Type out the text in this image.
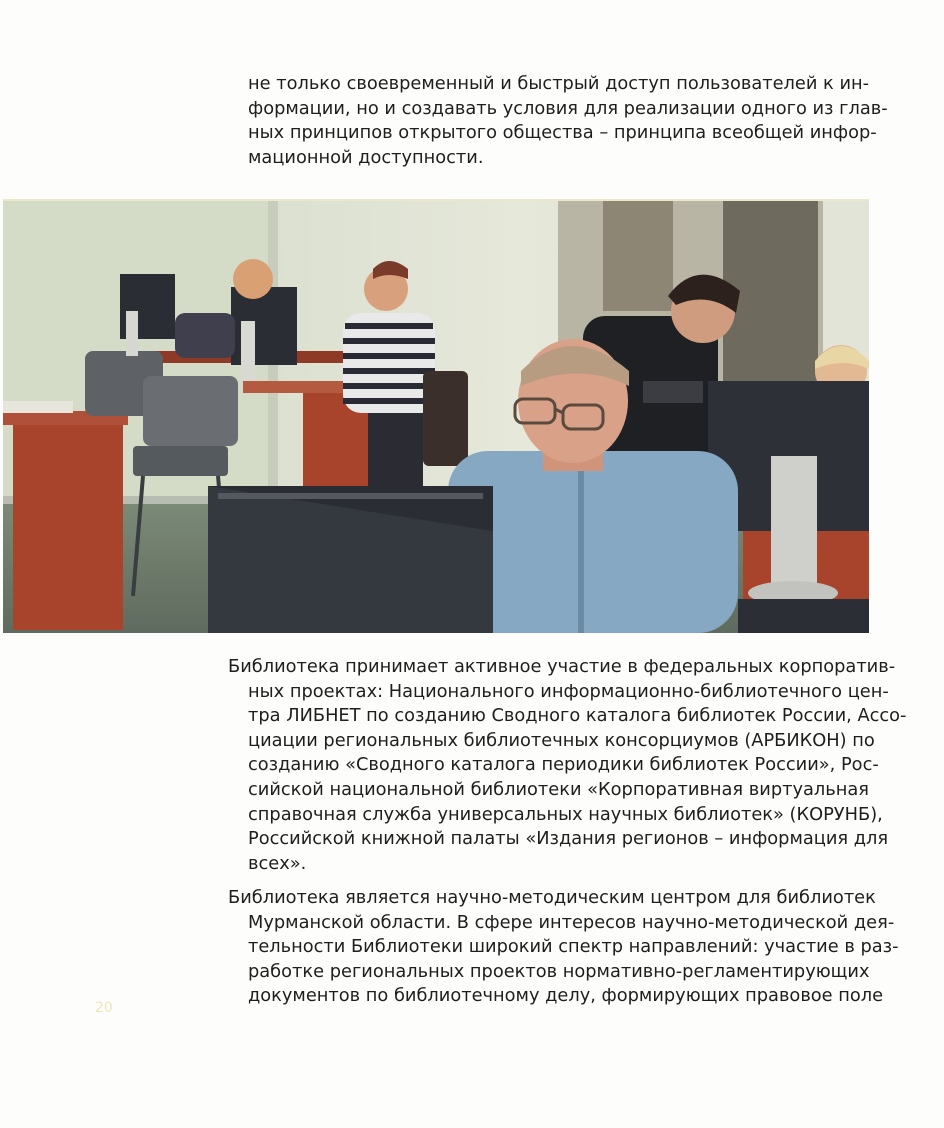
не только своевременный и быстрый доступ пользователей к ин-
формации, но и создавать условия для реализации одного из глав-
ных принципов открытого общества – принципа всеобщей инфор-
мационной доступности.
Библиотека принимает активное участие в федеральных корпоратив-
ных проектах: Национального информационно-библиотечного цен-
тра ЛИБНЕТ по созданию Сводного каталога библиотек России, Ассо-
циации региональных библиотечных консорциумов (АРБИКОН) по
созданию «Сводного каталога периодики библиотек России», Рос-
сийской национальной библиотеки «Корпоративная виртуальная
справочная служба универсальных научных библиотек» (КОРУНБ),
Российской книжной палаты «Издания регионов – информация для
всех».
Библиотека является научно-методическим центром для библиотек
Мурманской области. В сфере интересов научно-методической дея-
тельности Библиотеки широкий спектр направлений: участие в раз-
работке региональных проектов нормативно-регламентирующих
документов по библиотечному делу, формирующих правовое поле
20
